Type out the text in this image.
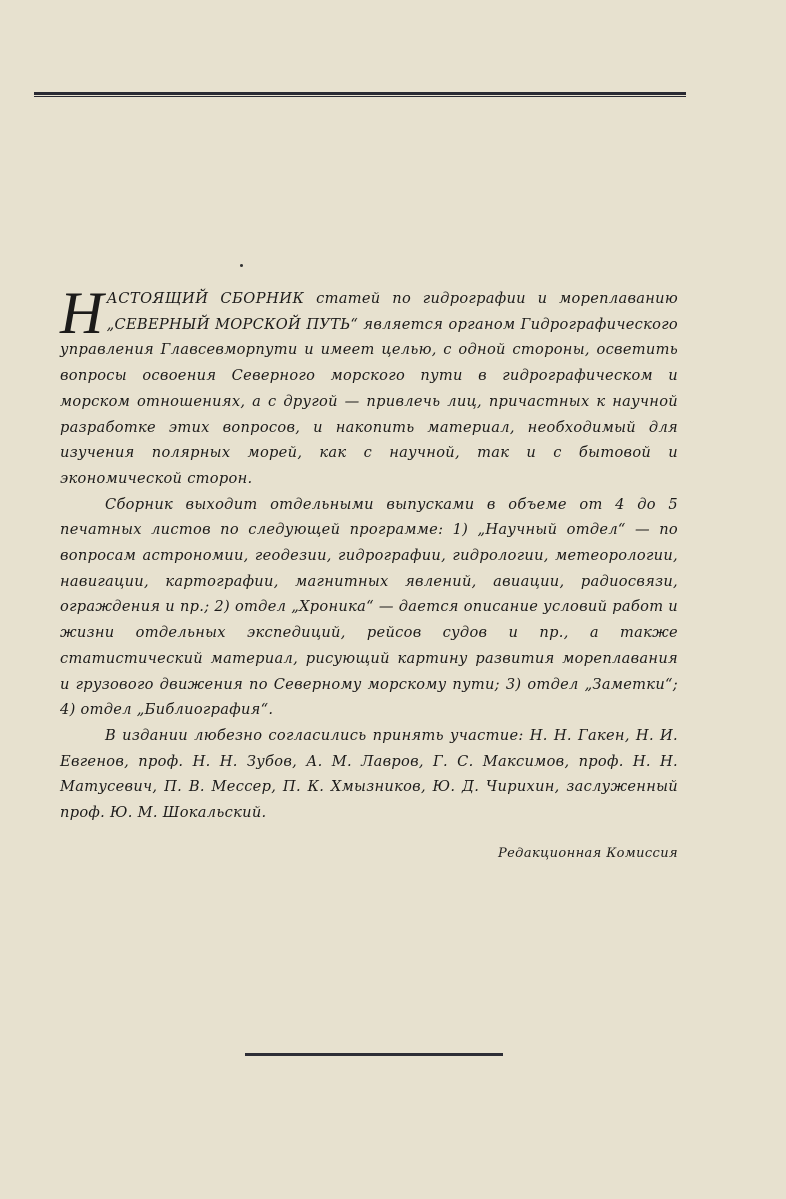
НАСТОЯЩИЙ СБОРНИК статей по гидрографии и мореплаванию „СЕВЕРНЫЙ МОРСКОЙ ПУТЬ“ является органом Гидрографического управления Главсевморпути и имеет целью, с одной стороны, осветить вопросы освоения Северного морского пути в гидрографическом и морском отношениях, а с другой — привлечь лиц, причастных к научной разработке этих вопросов, и накопить материал, необходимый для изучения полярных морей, как с научной, так и с бытовой и экономической сторон.

Сборник выходит отдельными выпусками в объеме от 4 до 5 печатных листов по следующей программе: 1) „Научный отдел“ — по вопросам астрономии, геодезии, гидрографии, гидрологии, метеорологии, навигации, картографии, магнитных явлений, авиации, радиосвязи, ограждения и пр.; 2) отдел „Хроника“ — дается описание условий работ и жизни отдельных экспедиций, рейсов судов и пр., а также статистический материал, рисующий картину развития мореплавания и грузового движения по Северному морскому пути; 3) отдел „Заметки“; 4) отдел „Библиография“.

В издании любезно согласились принять участие: Н. Н. Гакен, Н. И. Евгенов, проф. Н. Н. Зубов, А. М. Лавров, Г. С. Максимов, проф. Н. Н. Матусевич, П. В. Мессер, П. К. Хмызников, Ю. Д. Чирихин, заслуженный проф. Ю. М. Шокальский.

Редакционная Комиссия
